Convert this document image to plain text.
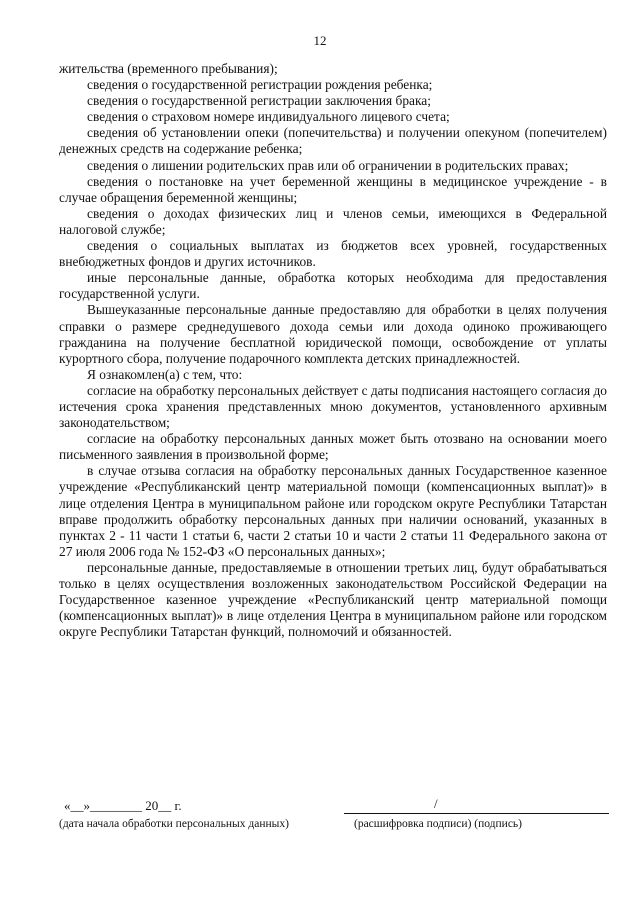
12

жительства (временного пребывания);

сведения о государственной регистрации рождения ребенка;

сведения о государственной регистрации заключения брака;

сведения о страховом номере индивидуального лицевого счета;

сведения об установлении опеки (попечительства) и получении опекуном (попечителем) денежных средств на содержание ребенка;

сведения о лишении родительских прав или об ограничении в родительских правах;

сведения о постановке на учет беременной женщины в медицинское учреждение - в случае обращения беременной женщины;

сведения о доходах физических лиц и членов семьи, имеющихся в Федеральной налоговой службе;

сведения о социальных выплатах из бюджетов всех уровней, государственных внебюджетных фондов и других источников.

иные персональные данные, обработка которых необходима для предоставления государственной услуги.

Вышеуказанные персональные данные предоставляю для обработки в целях получения справки о размере среднедушевого дохода семьи или дохода одиноко проживающего гражданина на получение бесплатной юридической помощи, освобождение от уплаты курортного сбора, получение подарочного комплекта детских принадлежностей.

Я ознакомлен(а) с тем, что:

согласие на обработку персональных действует с даты подписания настоящего согласия до истечения срока хранения представленных мною документов, установленного архивным законодательством;

согласие на обработку персональных данных может быть отозвано на основании моего письменного заявления в произвольной форме;

в случае отзыва согласия на обработку персональных данных Государственное казенное учреждение «Республиканский центр материальной помощи (компенсационных выплат)» в лице отделения Центра в муниципальном районе или городском округе Республики Татарстан вправе продолжить обработку персональных данных при наличии оснований, указанных в пунктах 2 - 11 части 1 статьи 6, части 2 статьи 10 и части 2 статьи 11 Федерального закона от 27 июля 2006 года № 152-ФЗ «О персональных данных»;

персональные данные, предоставляемые в отношении третьих лиц, будут обрабатываться только в целях осуществления возложенных законодательством Российской Федерации на Государственное казенное учреждение «Республиканский центр материальной помощи (компенсационных выплат)» в лице отделения Центра в муниципальном районе или городском округе Республики Татарстан функций, полномочий и обязанностей.

«__»________ 20__ г.
(дата начала обработки персональных данных)
/
(расшифровка подписи) (подпись)
